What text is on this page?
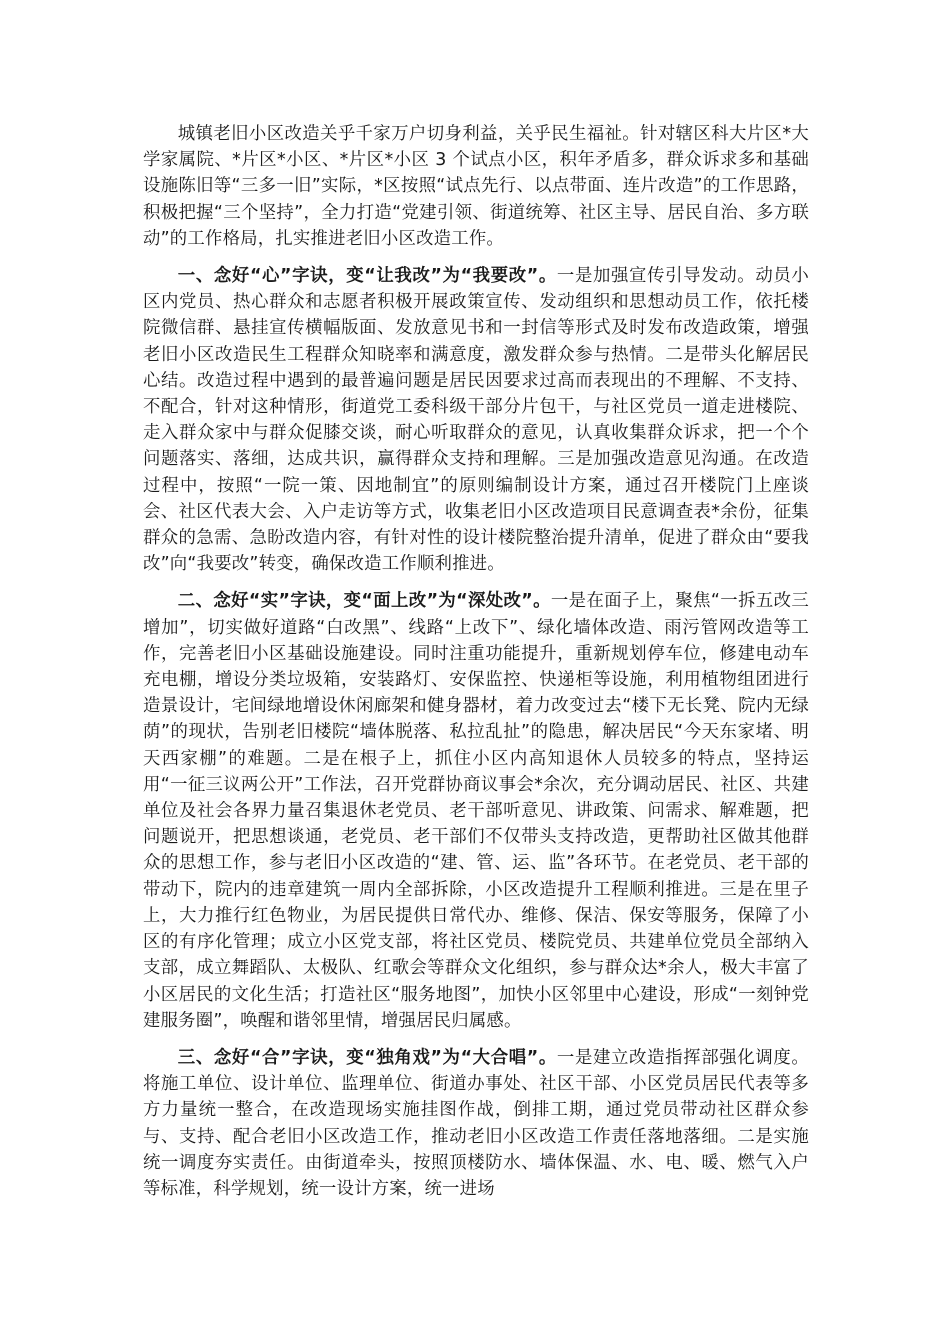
城镇老旧小区改造关乎千家万户切身利益，关乎民生福祉。针对辖区科大片区*大学家属院、*片区*小区、*片区*小区 3 个试点小区，积年矛盾多，群众诉求多和基础设施陈旧等“三多一旧”实际，*区按照“试点先行、以点带面、连片改造”的工作思路，积极把握“三个坚持”，全力打造“党建引领、街道统筹、社区主导、居民自治、多方联动”的工作格局，扎实推进老旧小区改造工作。

一、念好“心”字诀，变“让我改”为“我要改”。一是加强宣传引导发动。动员小区内党员、热心群众和志愿者积极开展政策宣传、发动组织和思想动员工作，依托楼院微信群、悬挂宣传横幅版面、发放意见书和一封信等形式及时发布改造政策，增强老旧小区改造民生工程群众知晓率和满意度，激发群众参与热情。二是带头化解居民心结。改造过程中遇到的最普遍问题是居民因要求过高而表现出的不理解、不支持、不配合，针对这种情形，街道党工委科级干部分片包干，与社区党员一道走进楼院、走入群众家中与群众促膝交谈，耐心听取群众的意见，认真收集群众诉求，把一个个问题落实、落细，达成共识，赢得群众支持和理解。三是加强改造意见沟通。在改造过程中，按照“一院一策、因地制宜”的原则编制设计方案，通过召开楼院门上座谈会、社区代表大会、入户走访等方式，收集老旧小区改造项目民意调查表*余份，征集群众的急需、急盼改造内容，有针对性的设计楼院整治提升清单，促进了群众由“要我改”向“我要改”转变，确保改造工作顺利推进。

二、念好“实”字诀，变“面上改”为“深处改”。一是在面子上，聚焦“一拆五改三增加”，切实做好道路“白改黑”、线路“上改下”、绿化墙体改造、雨污管网改造等工作，完善老旧小区基础设施建设。同时注重功能提升，重新规划停车位，修建电动车充电棚，增设分类垃圾箱，安装路灯、安保监控、快递柜等设施，利用植物组团进行造景设计，宅间绿地增设休闲廊架和健身器材，着力改变过去“楼下无长凳、院内无绿荫”的现状，告别老旧楼院“墙体脱落、私拉乱扯”的隐患，解决居民“今天东家堵、明天西家棚”的难题。二是在根子上，抓住小区内高知退休人员较多的特点，坚持运用“一征三议两公开”工作法，召开党群协商议事会*余次，充分调动居民、社区、共建单位及社会各界力量召集退休老党员、老干部听意见、讲政策、问需求、解难题，把问题说开，把思想谈通，老党员、老干部们不仅带头支持改造，更帮助社区做其他群众的思想工作，参与老旧小区改造的“建、管、运、监”各环节。在老党员、老干部的带动下，院内的违章建筑一周内全部拆除，小区改造提升工程顺利推进。三是在里子上，大力推行红色物业，为居民提供日常代办、维修、保洁、保安等服务，保障了小区的有序化管理；成立小区党支部，将社区党员、楼院党员、共建单位党员全部纳入支部，成立舞蹈队、太极队、红歌会等群众文化组织，参与群众达*余人，极大丰富了小区居民的文化生活；打造社区“服务地图”，加快小区邻里中心建设，形成“一刻钟党建服务圈”，唤醒和谐邻里情，增强居民归属感。

三、念好“合”字诀，变“独角戏”为“大合唱”。一是建立改造指挥部强化调度。将施工单位、设计单位、监理单位、街道办事处、社区干部、小区党员居民代表等多方力量统一整合，在改造现场实施挂图作战，倒排工期，通过党员带动社区群众参与、支持、配合老旧小区改造工作，推动老旧小区改造工作责任落地落细。二是实施统一调度夯实责任。由街道牵头，按照顶楼防水、墙体保温、水、电、暖、燃气入户等标准，科学规划，统一设计方案，统一进场
